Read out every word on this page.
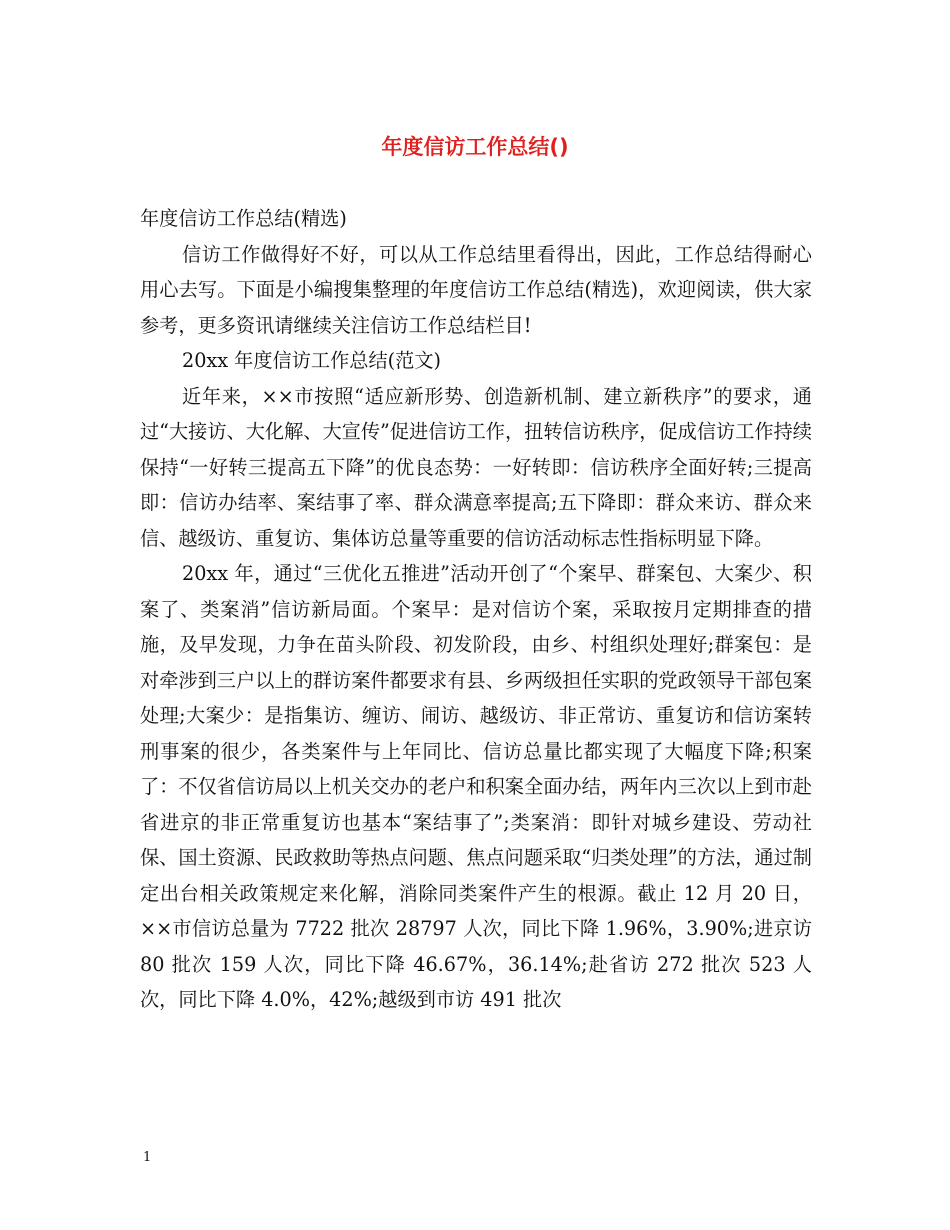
年度信访工作总结()

年度信访工作总结(精选)

信访工作做得好不好，可以从工作总结里看得出，因此，工作总结得耐心用心去写。下面是小编搜集整理的年度信访工作总结(精选)，欢迎阅读，供大家参考，更多资讯请继续关注信访工作总结栏目!

20xx 年度信访工作总结(范文)

近年来，××市按照“适应新形势、创造新机制、建立新秩序”的要求，通过“大接访、大化解、大宣传”促进信访工作，扭转信访秩序，促成信访工作持续保持“一好转三提高五下降”的优良态势：一好转即：信访秩序全面好转;三提高即：信访办结率、案结事了率、群众满意率提高;五下降即：群众来访、群众来信、越级访、重复访、集体访总量等重要的信访活动标志性指标明显下降。

20xx 年，通过“三优化五推进”活动开创了“个案早、群案包、大案少、积案了、类案消”信访新局面。个案早：是对信访个案，采取按月定期排查的措施，及早发现，力争在苗头阶段、初发阶段，由乡、村组织处理好;群案包：是对牵涉到三户以上的群访案件都要求有县、乡两级担任实职的党政领导干部包案处理;大案少：是指集访、缠访、闹访、越级访、非正常访、重复访和信访案转刑事案的很少，各类案件与上年同比、信访总量比都实现了大幅度下降;积案了：不仅省信访局以上机关交办的老户和积案全面办结，两年内三次以上到市赴省进京的非正常重复访也基本“案结事了”;类案消：即针对城乡建设、劳动社保、国土资源、民政救助等热点问题、焦点问题采取“归类处理”的方法，通过制定出台相关政策规定来化解，消除同类案件产生的根源。截止 12 月 20 日，××市信访总量为 7722 批次 28797 人次，同比下降 1.96%，3.90%;进京访 80 批次 159 人次，同比下降 46.67%，36.14%;赴省访 272 批次 523 人次，同比下降 4.0%，42%;越级到市访 491 批次

1
